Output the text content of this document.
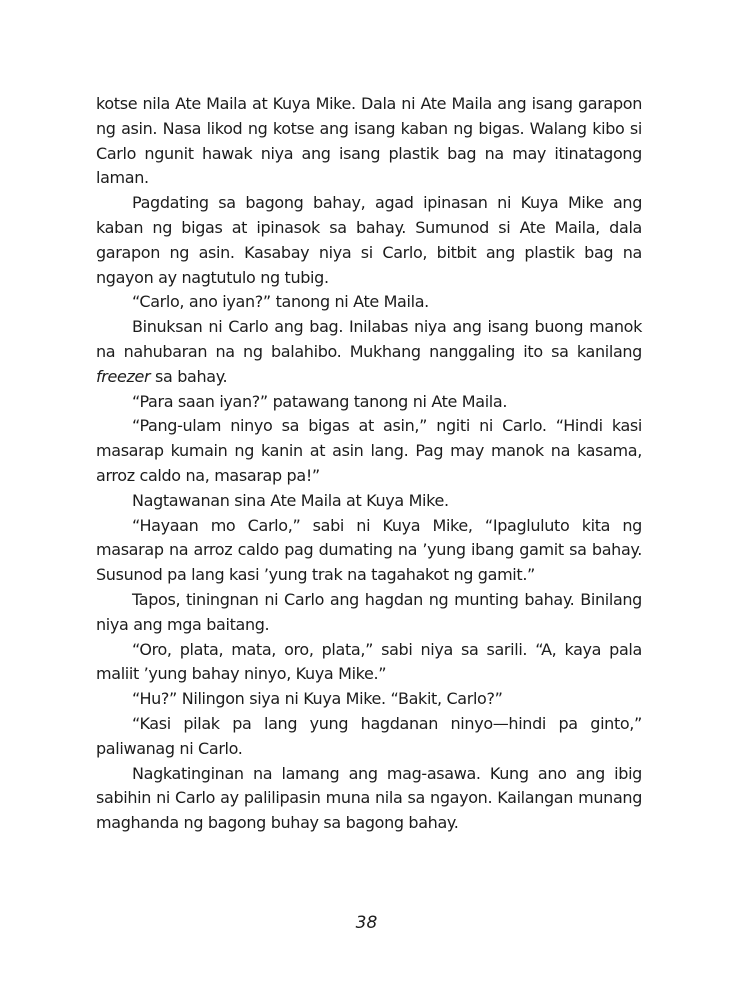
kotse nila Ate Maila at Kuya Mike. Dala ni Ate Maila ang isang garapon ng asin. Nasa likod ng kotse ang isang kaban ng bigas. Walang kibo si Carlo ngunit hawak niya ang isang plastik bag na may itinatagong laman.

Pagdating sa bagong bahay, agad ipinasan ni Kuya Mike ang kaban ng bigas at ipinasok sa bahay. Sumunod si Ate Maila, dala garapon ng asin. Kasabay niya si Carlo, bitbit ang plastik bag na ngayon ay nagtutulo ng tubig.

“Carlo, ano iyan?” tanong ni Ate Maila.

Binuksan ni Carlo ang bag. Inilabas niya ang isang buong manok na nahubaran na ng balahibo. Mukhang nanggaling ito sa kanilang freezer sa bahay.

“Para saan iyan?” patawang tanong ni Ate Maila.

“Pang-ulam ninyo sa bigas at asin,” ngiti ni Carlo. “Hindi kasi masarap kumain ng kanin at asin lang. Pag may manok na kasama, arroz caldo na, masarap pa!”

Nagtawanan sina Ate Maila at Kuya Mike.

“Hayaan mo Carlo,” sabi ni Kuya Mike, “Ipagluluto kita ng masarap na arroz caldo pag dumating na ’yung ibang gamit sa bahay. Susunod pa lang kasi ’yung trak na tagahakot ng gamit.”

Tapos, tiningnan ni Carlo ang hagdan ng munting bahay. Binilang niya ang mga baitang.

“Oro, plata, mata, oro, plata,” sabi niya sa sarili. “A, kaya pala maliit ’yung bahay ninyo, Kuya Mike.”

“Hu?” Nilingon siya ni Kuya Mike. “Bakit, Carlo?”

“Kasi pilak pa lang yung hagdanan ninyo—hindi pa ginto,” paliwanag ni Carlo.

Nagkatinginan na lamang ang mag-asawa. Kung ano ang ibig sabihin ni Carlo ay palilipasin muna nila sa ngayon. Kailangan munang maghanda ng bagong buhay sa bagong bahay.

38
